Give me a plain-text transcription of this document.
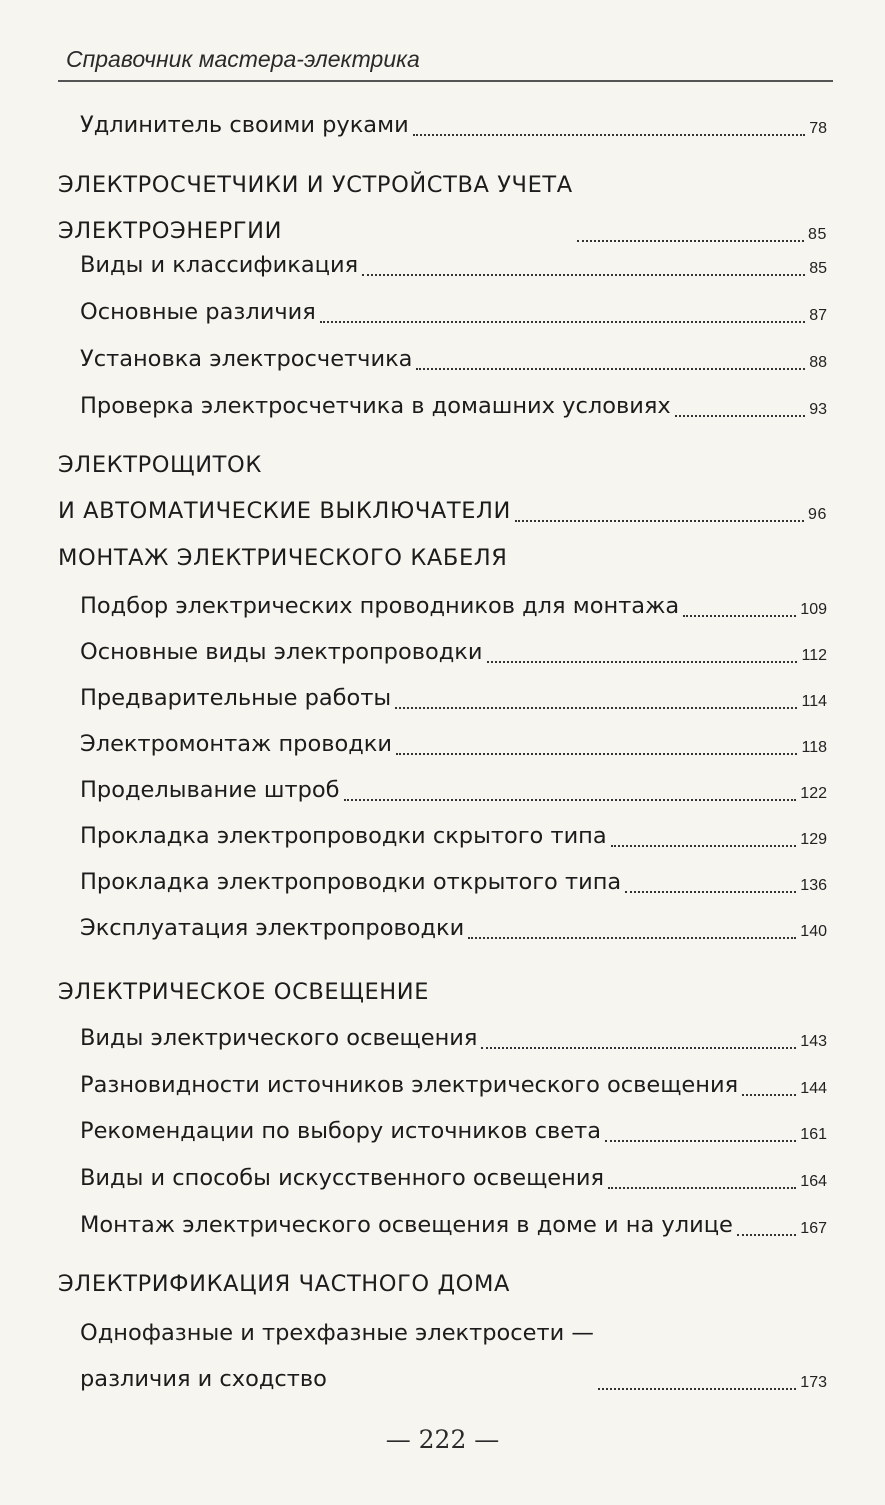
Справочник мастера-электрика
Удлинитель своими руками	78
ЭЛЕКТРОСЧЕТЧИКИ И УСТРОЙСТВА УЧЕТА
ЭЛЕКТРОЭНЕРГИИ	85
Виды и классификация	85
Основные различия	87
Установка электросчетчика	88
Проверка электросчетчика в домашних условиях	93
ЭЛЕКТРОЩИТОК
И АВТОМАТИЧЕСКИЕ ВЫКЛЮЧАТЕЛИ	96
МОНТАЖ ЭЛЕКТРИЧЕСКОГО КАБЕЛЯ
Подбор электрических проводников для монтажа	109
Основные виды электропроводки	112
Предварительные работы	114
Электромонтаж проводки	118
Проделывание штроб	122
Прокладка электропроводки скрытого типа	129
Прокладка электропроводки открытого типа	136
Эксплуатация электропроводки	140
ЭЛЕКТРИЧЕСКОЕ ОСВЕЩЕНИЕ
Виды электрического освещения	143
Разновидности источников электрического освещения	144
Рекомендации по выбору источников света	161
Виды и способы искусственного освещения	164
Монтаж электрического освещения в доме и на улице	167
ЭЛЕКТРИФИКАЦИЯ ЧАСТНОГО ДОМА
Однофазные и трехфазные электросети —
различия и сходство	173
— 222 —
